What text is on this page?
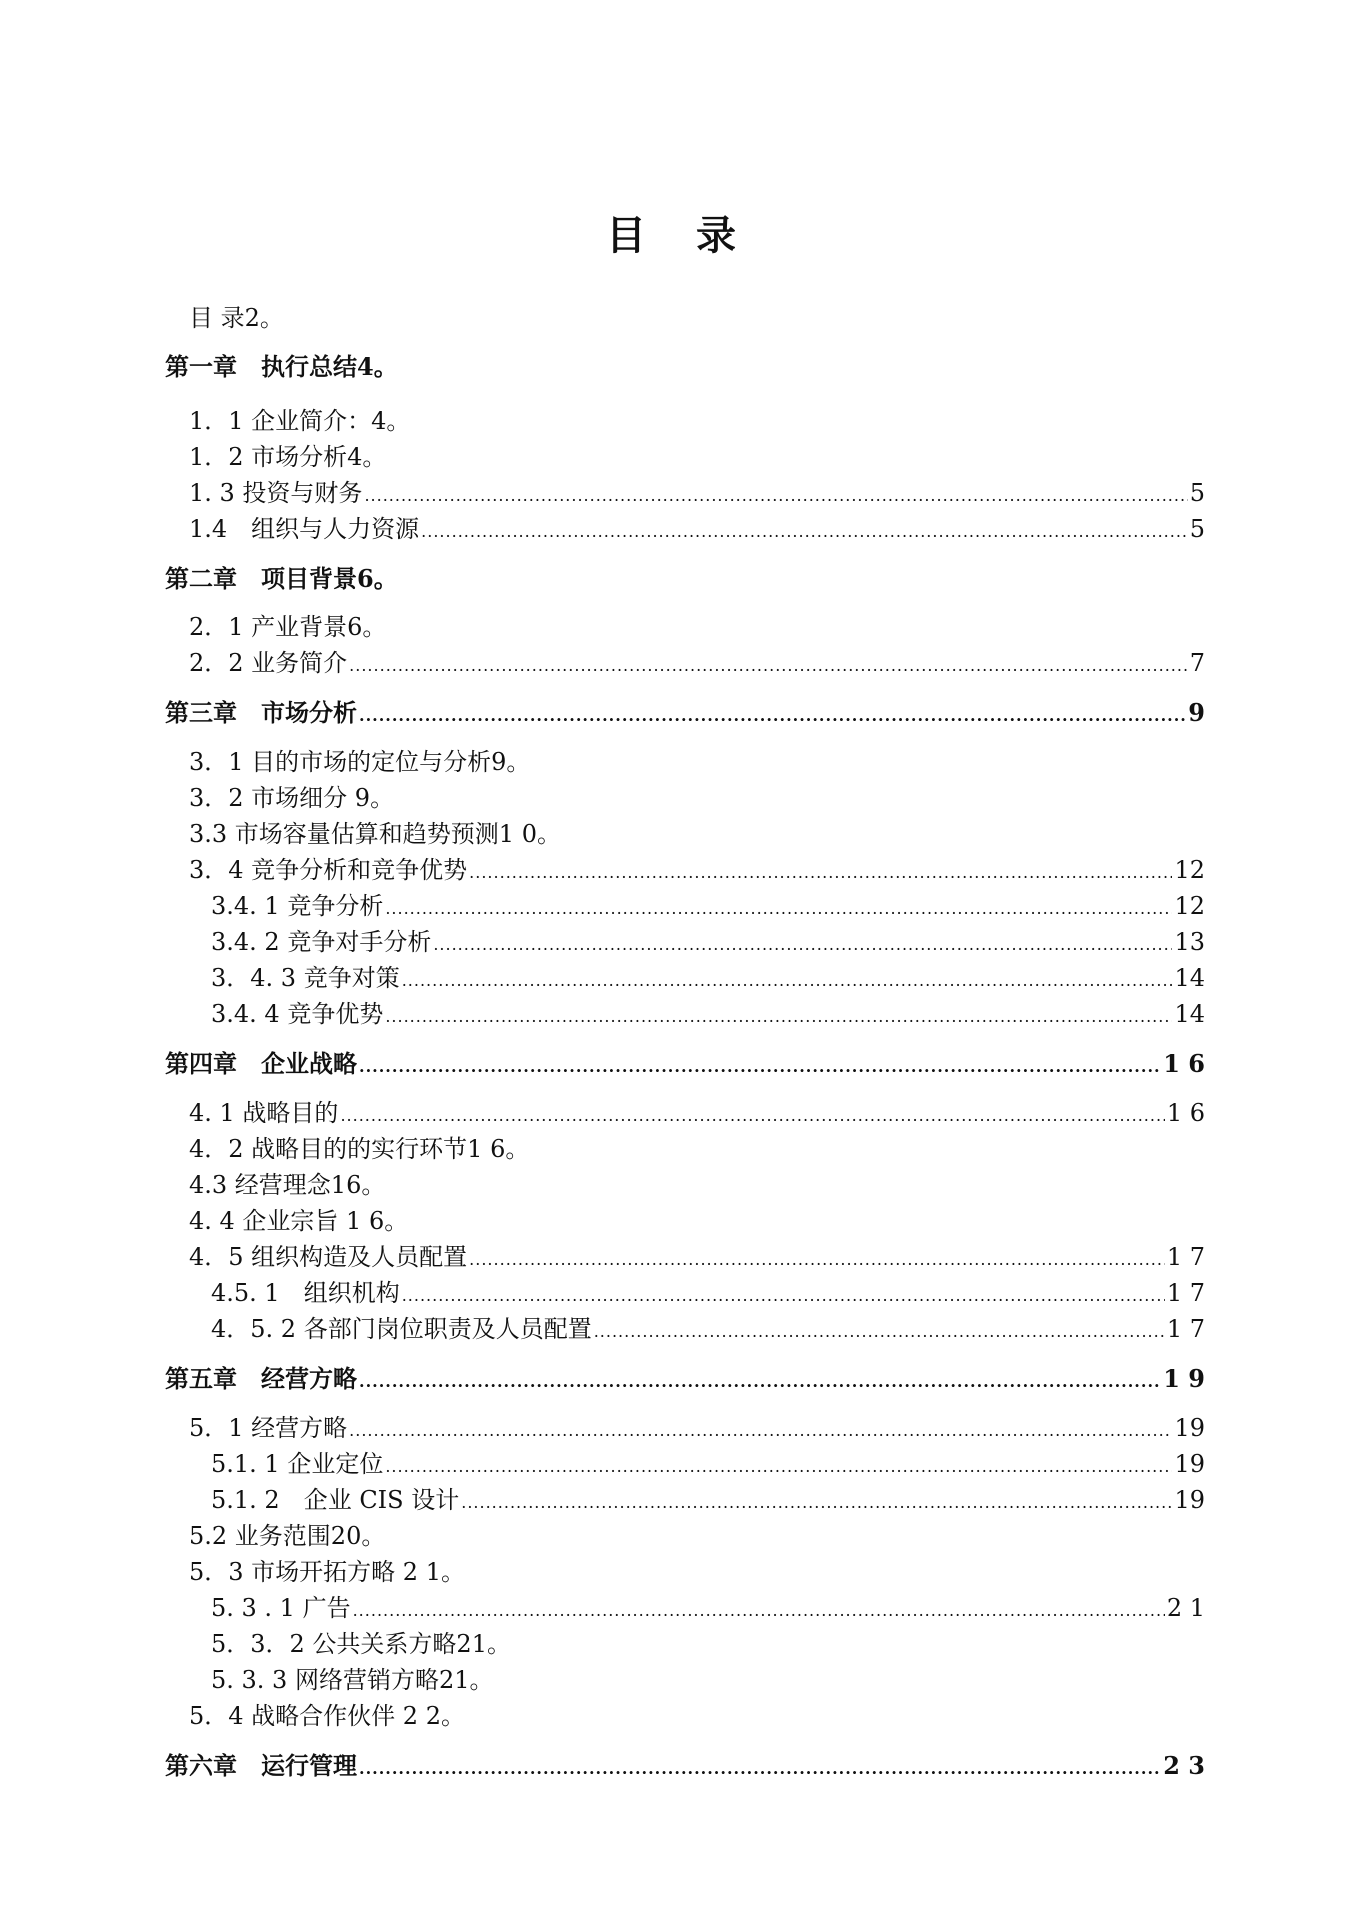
目 录
目 录2。
第一章　执行总结4。
1．1 企业简介：4。
1．2 市场分析4。
1. 3 投资与财务 .....	5
1.4　组织与人力资源 .....	5
第二章　项目背景6。
2．1 产业背景6。
2．2 业务简介 .....	7
第三章　市场分析 .....	9
3．1 目的市场的定位与分析9。
3．2 市场细分 9。
3.3 市场容量估算和趋势预测1 0。
3．4 竞争分析和竞争优势 .....	12
3.4. 1 竞争分析 .....	12
3.4. 2 竞争对手分析 .....	13
3．4. 3 竞争对策 .....	14
3.4. 4 竞争优势 .....	14
第四章　企业战略 .....	1 6
4. 1 战略目的 .....	1 6
4．2 战略目的的实行环节1 6。
4.3 经营理念16。
4. 4 企业宗旨 1 6。
4．5 组织构造及人员配置 .....	1 7
4.5. 1　组织机构 .....	1 7
4．5. 2 各部门岗位职责及人员配置 .....	1 7
第五章　经营方略 .....	1 9
5．1 经营方略 .....	19
5.1. 1 企业定位 .....	19
5.1. 2　企业 CIS 设计 .....	19
5.2 业务范围20。
5．3 市场开拓方略 2 1。
5. 3 . 1 广告 .....	2 1
5．3．2 公共关系方略21。
5. 3. 3 网络营销方略21。
5．4 战略合作伙伴 2 2。
第六章　运行管理 .....	2 3
